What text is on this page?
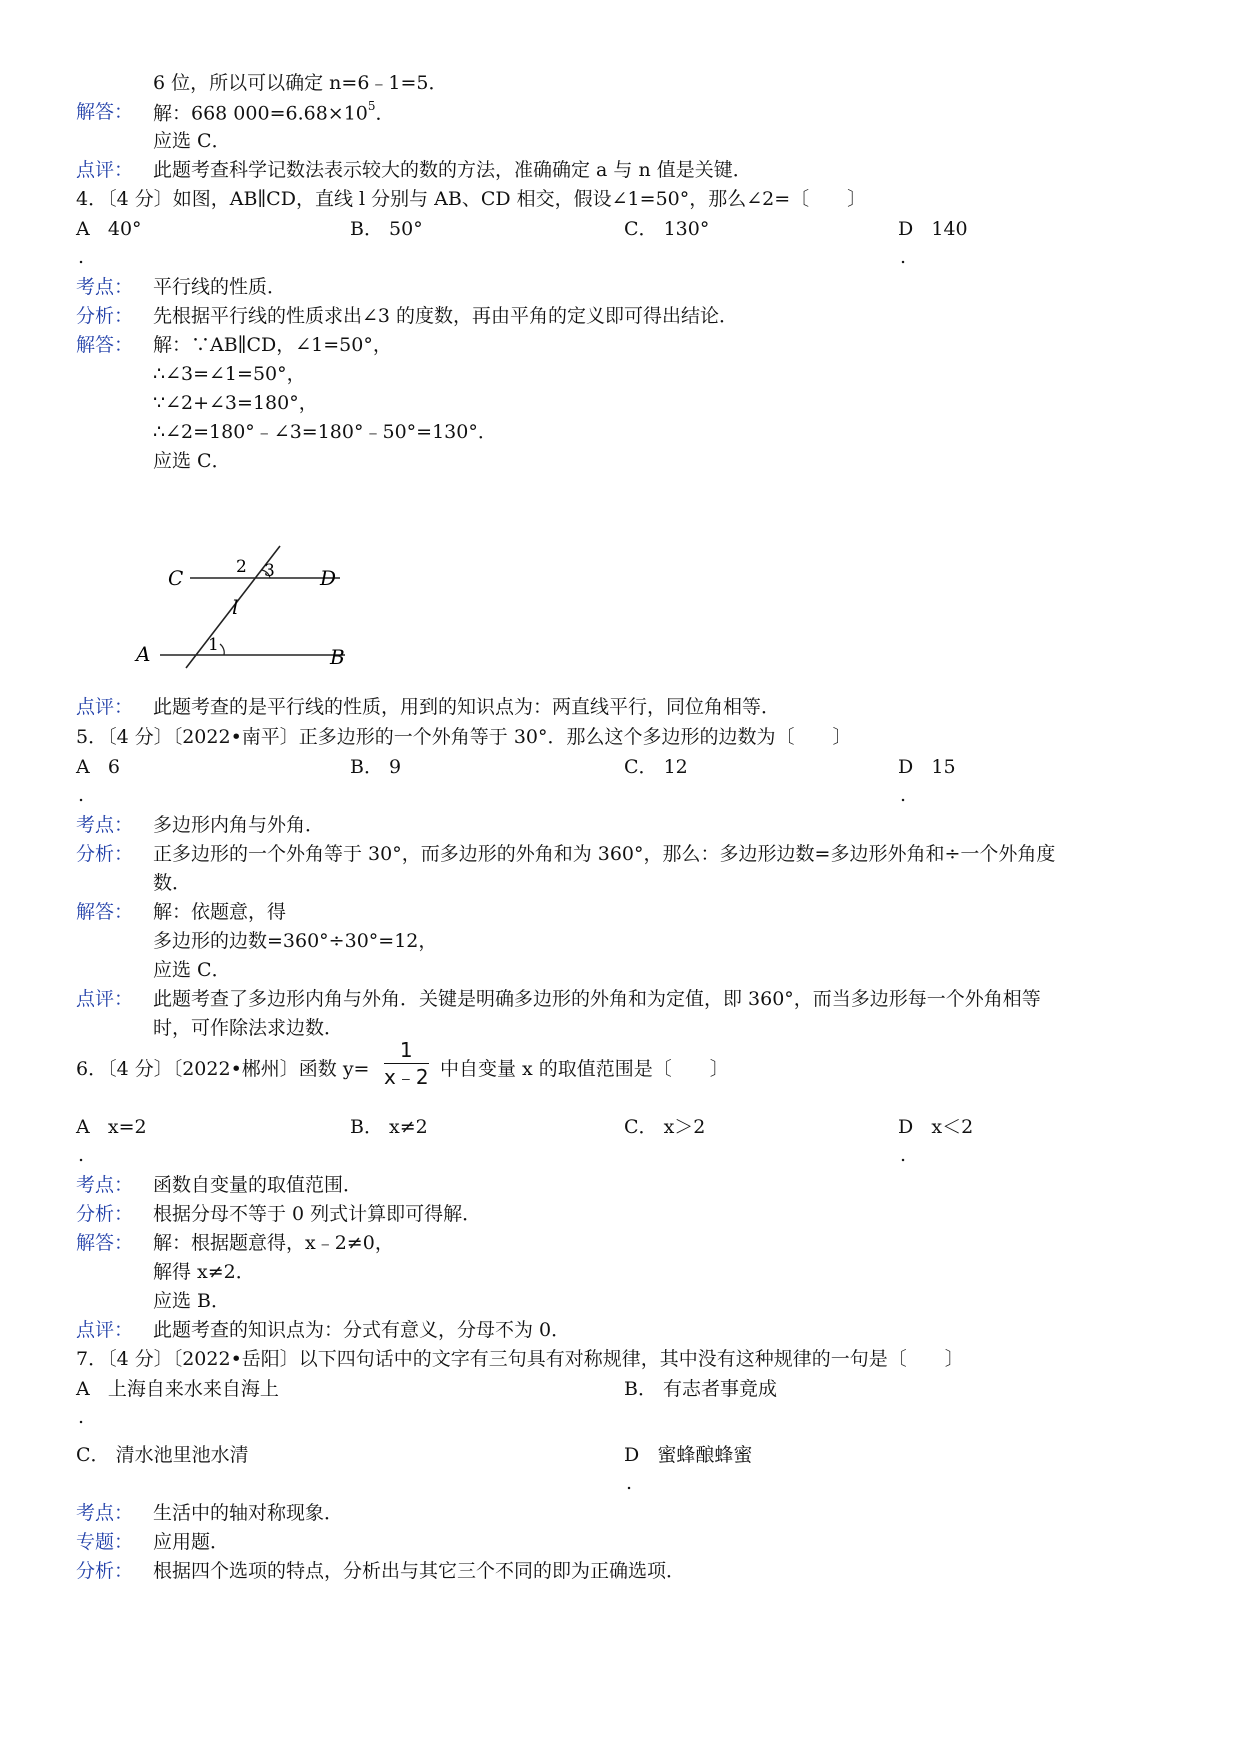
6 位，所以可以确定 n=6﹣1=5．
解答： 解：668 $000=6.68\times 10^5$．
应选 C．
点评： 此题考查科学记数法表示较大的数的方法，准确确定 a 与 n 值是关键．
4．〔4 分〕如图，AB∥CD，直线 l 分别与 AB、CD 相交，假设∠1=50°，那么∠2=〔　　〕
A 40°	B． 50°	C． 130°	D 140
.	.
考点： 平行线的性质．
分析： 先根据平行线的性质求出∠3 的度数，再由平角的定义即可得出结论．
解答： 解：∵AB∥CD，∠1=50°，
∴∠3=∠1=50°，
∵∠2+∠3=180°，
∴∠2=180°﹣∠3=180°﹣50°=130°．
应选 C．
C	D
A	B
l
1
2 3
点评： 此题考查的是平行线的性质，用到的知识点为：两直线平行，同位角相等．
5．〔4 分〕〔2022•南平〕正多边形的一个外角等于 30°．那么这个多边形的边数为〔　　〕
A 6	B． 9	C． 12	D 15
.	.
考点： 多边形内角与外角．
分析： 正多边形的一个外角等于 30°，而多边形的外角和为 360°，那么：多边形边数=多边形外角和÷一个外角度
数．
解答： 解：依题意，得
多边形的边数=360°÷30°=12，
应选 C．
点评： 此题考查了多边形内角与外角．关键是明确多边形的外角和为定值，即 360°，而当多边形每一个外角相等
时，可作除法求边数．
6．〔4 分〕〔2022•郴州〕函数 $y= \frac{1}{x﹣2}$ 中自变量 x 的取值范围是〔　　〕
A x=2	B． x≠2	C． x＞2	D x＜2
.	.
考点： 函数自变量的取值范围．
分析： 根据分母不等于 0 列式计算即可得解．
解答： 解：根据题意得，x﹣2≠0，
解得 x≠2．
应选 B．
点评： 此题考查的知识点为：分式有意义，分母不为 0．
7．〔4 分〕〔2022•岳阳〕以下四句话中的文字有三句具有对称规律，其中没有这种规律的一句是〔　　〕
A 上海自来水来自海上	B． 有志者事竟成
.
C． 清水池里池水清	D 蜜蜂酿蜂蜜
.
考点： 生活中的轴对称现象．
专题： 应用题．
分析： 根据四个选项的特点，分析出与其它三个不同的即为正确选项．
